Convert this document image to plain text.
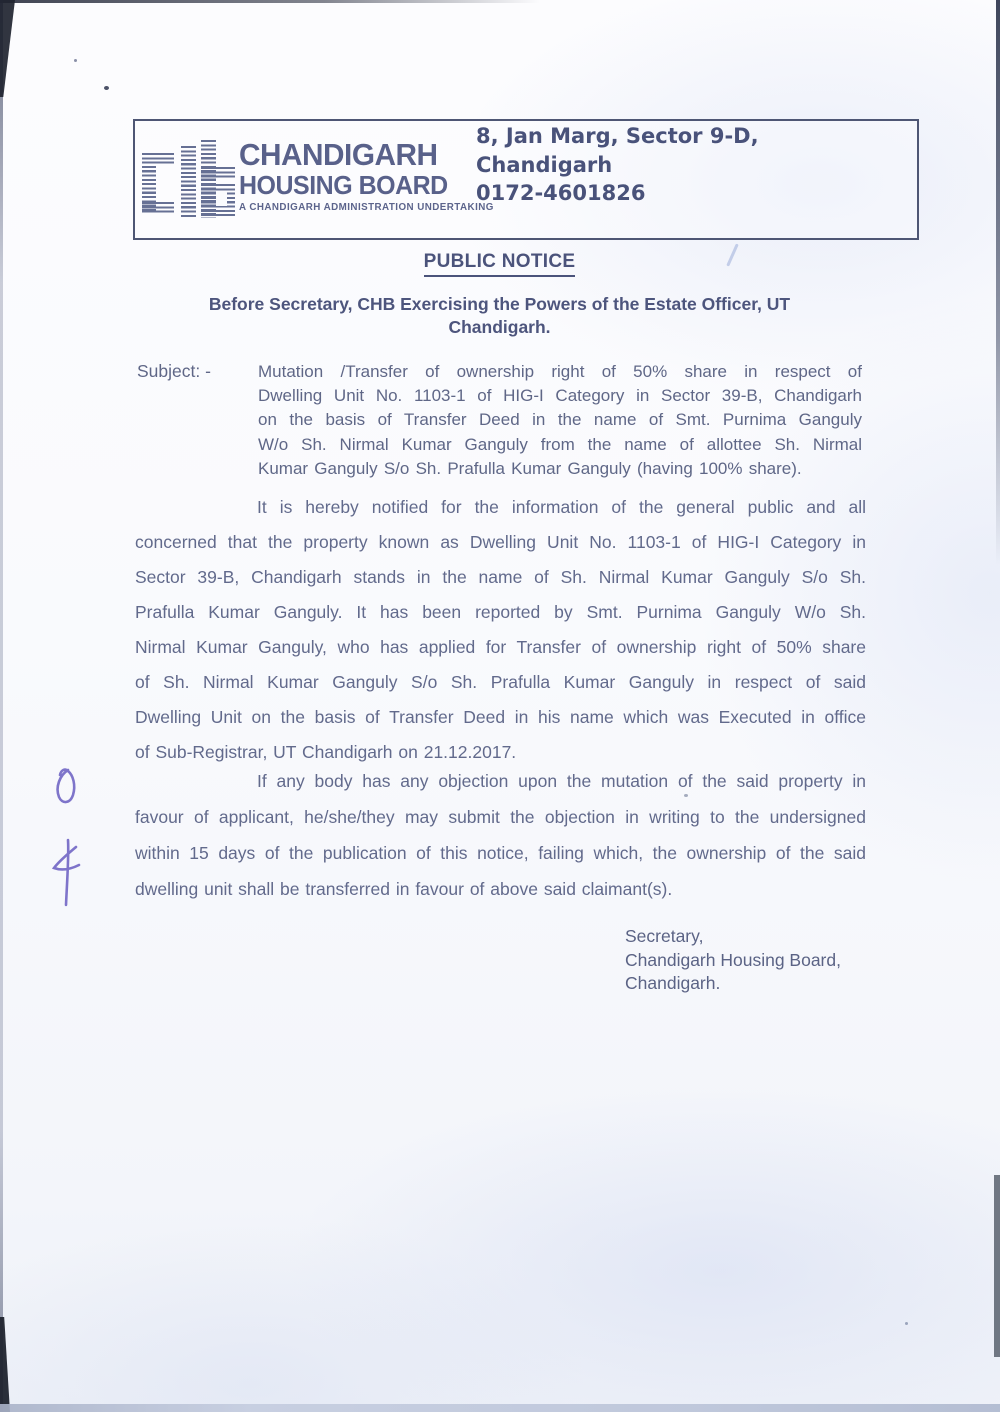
CHANDIGARH
HOUSING BOARD
A CHANDIGARH ADMINISTRATION UNDERTAKING
8, Jan Marg, Sector 9-D,
Chandigarh
0172-4601826
PUBLIC NOTICE
Before Secretary, CHB Exercising the Powers of the Estate Officer, UT
Chandigarh.
Subject: -	Mutation /Transfer of ownership right of 50% share in respect of
Dwelling Unit No. 1103-1 of HIG-I Category in Sector 39-B, Chandigarh
on the basis of Transfer Deed in the name of Smt. Purnima Ganguly
W/o Sh. Nirmal Kumar Ganguly from the name of allottee Sh. Nirmal
Kumar Ganguly S/o Sh. Prafulla Kumar Ganguly (having 100% share).
It is hereby notified for the information of the general public and all
concerned that the property known as Dwelling Unit No. 1103-1 of HIG-I Category in
Sector 39-B, Chandigarh stands in the name of Sh. Nirmal Kumar Ganguly S/o Sh.
Prafulla Kumar Ganguly. It has been reported by Smt. Purnima Ganguly W/o Sh.
Nirmal Kumar Ganguly, who has applied for Transfer of ownership right of 50% share
of Sh. Nirmal Kumar Ganguly S/o Sh. Prafulla Kumar Ganguly in respect of said
Dwelling Unit on the basis of Transfer Deed in his name which was Executed in office
of Sub-Registrar, UT Chandigarh on 21.12.2017.
If any body has any objection upon the mutation of the said property in
favour of applicant, he/she/they may submit the objection in writing to the undersigned
within 15 days of the publication of this notice, failing which, the ownership of the said
dwelling unit shall be transferred in favour of above said claimant(s).
Secretary,
Chandigarh Housing Board,
Chandigarh.
